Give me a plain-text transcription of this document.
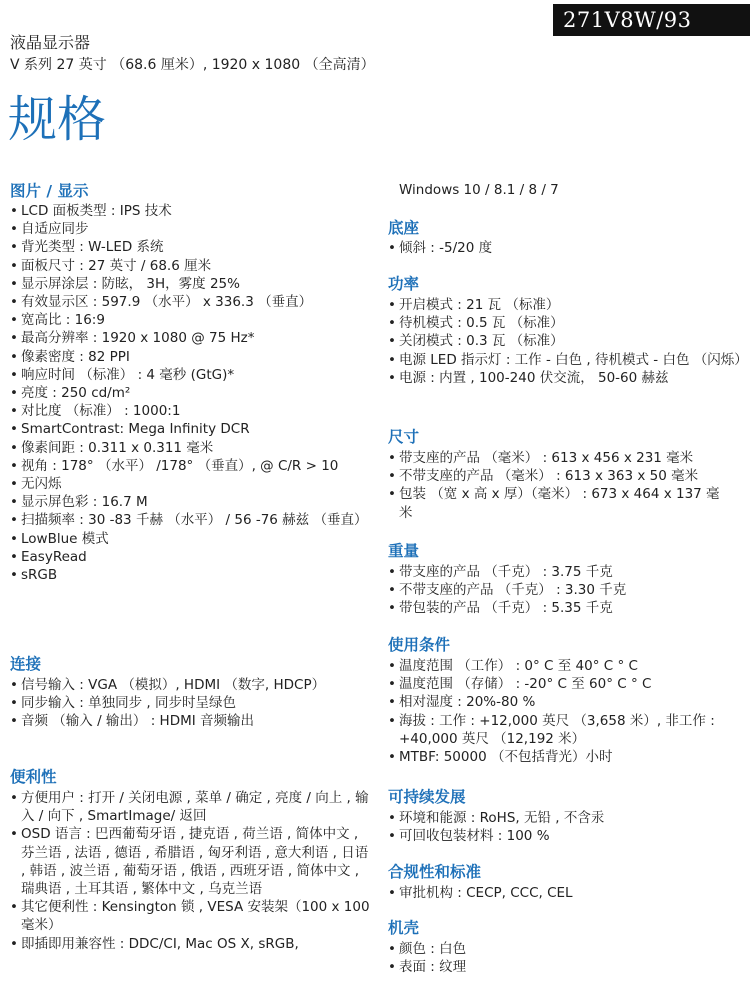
271V8W/93
液晶显示器
V 系列 27 英寸 （68.6 厘米）, 1920 x 1080 （全高清）
规格
图片 / 显示
• LCD 面板类型 : IPS 技术
• 自适应同步
• 背光类型 : W-LED 系统
• 面板尺寸 : 27 英寸 / 68.6 厘米
• 显示屏涂层 : 防眩， 3H，雾度 25%
• 有效显示区 : 597.9 （水平） x 336.3 （垂直）
• 宽高比 : 16:9
• 最高分辨率 : 1920 x 1080 @ 75 Hz*
• 像素密度 : 82 PPI
• 响应时间 （标准） : 4 毫秒 (GtG)*
• 亮度 : 250 cd/m²
• 对比度 （标准） : 1000:1
• SmartContrast: Mega Infinity DCR
• 像素间距 : 0.311 x 0.311 毫米
• 视角 : 178° （水平） /178° （垂直）, @ C/R > 10
• 无闪烁
• 显示屏色彩 : 16.7 M
• 扫描频率 : 30 -83 千赫 （水平） / 56 -76 赫兹 （垂直）
• LowBlue 模式
• EasyRead
• sRGB
连接
• 信号输入 : VGA （模拟）, HDMI （数字, HDCP）
• 同步输入 : 单独同步 , 同步时呈绿色
• 音频 （输入 / 输出） : HDMI 音频输出
便利性
• 方便用户 : 打开 / 关闭电源 , 菜单 / 确定 , 亮度 / 向上 , 输入 / 向下 , SmartImage/ 返回
• OSD 语言 : 巴西葡萄牙语 , 捷克语 , 荷兰语 , 简体中文 , 芬兰语 , 法语 , 德语 , 希腊语 , 匈牙利语 , 意大利语 , 日语 , 韩语 , 波兰语 , 葡萄牙语 , 俄语 , 西班牙语 , 简体中文 , 瑞典语 , 土耳其语 , 繁体中文 , 乌克兰语
• 其它便利性 : Kensington 锁 , VESA 安装架（100 x 100 毫米）
• 即插即用兼容性 : DDC/CI, Mac OS X, sRGB,
Windows 10 / 8.1 / 8 / 7
底座
• 倾斜 : -5/20 度
功率
• 开启模式 : 21 瓦 （标准）
• 待机模式 : 0.5 瓦 （标准）
• 关闭模式 : 0.3 瓦 （标准）
• 电源 LED 指示灯 : 工作 - 白色 , 待机模式 - 白色 （闪烁）
• 电源 : 内置 , 100-240 伏交流， 50-60 赫兹
尺寸
• 带支座的产品 （毫米） : 613 x 456 x 231 毫米
• 不带支座的产品 （毫米） : 613 x 363 x 50 毫米
• 包装 （宽 x 高 x 厚）（毫米） : 673 x 464 x 137 毫米
重量
• 带支座的产品 （千克） : 3.75 千克
• 不带支座的产品 （千克） : 3.30 千克
• 带包装的产品 （千克） : 5.35 千克
使用条件
• 温度范围 （工作） : 0° C 至 40° C ° C
• 温度范围 （存储） : -20° C 至 60° C ° C
• 相对湿度 : 20%-80 %
• 海拔 : 工作 : +12,000 英尺 （3,658 米）, 非工作 : +40,000 英尺 （12,192 米）
• MTBF: 50000 （不包括背光）小时
可持续发展
• 环境和能源 : RoHS, 无铅 , 不含汞
• 可回收包装材料 : 100 %
合规性和标准
• 审批机构 : CECP, CCC, CEL
机壳
• 颜色 : 白色
• 表面 : 纹理
